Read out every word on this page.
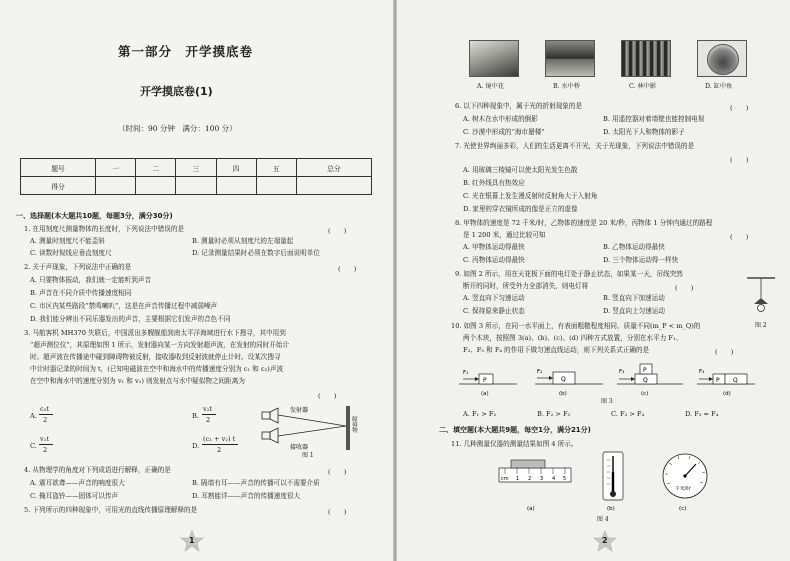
第一部分　开学摸底卷
开学摸底卷(1)
（时间：90 分钟　满分：100 分）
题号	一	二	三	四	五	总分
得分						
一、选择题(本大题共10题，每题3分，满分30分)
1. 在用刻度尺测量物体的长度时，下列说法中错误的是	(　　)
A. 测量时刻度尺不能歪斜	B. 测量时必须从刻度尺的左端量起
C. 读数时视线应垂直刻度尺	D. 记录测量结果时必须在数字后面说明单位
2. 关于声现象，下列说法中正确的是	(　　)
A. 只要物体振动，我们就一定能听到声音
B. 声音在不同介质中传播速度相同
C. 市区内某些路段“禁鸣喇叭”，这是在声音传播过程中减弱噪声
D. 我们能分辨出不同乐器发出的声音，主要根据它们发声的音色不同
3. 马航客机 MH370 失联后，中国派出多艘舰船到南太平洋海域进行水下搜寻，其中用到
“超声测位仪”，其原理如图 1 所示，发射器向某一方向发射超声波，在发射的同时开始计
时。超声波在传播途中碰到障碍物被反射，接收器收到反射波就停止计时。设某次搜寻
中计时器记录的时间为 t，(已知电磁波在空中和海水中的传播速度分别为 c₁ 和 c₂)声波
在空中和海水中的速度分别为 v₁ 和 v₂) 则发射点与水中疑似物之间距离为
(　　)
A.
c₂t
2	B.
v₂t
2
C.
v₁t
2	D.
(c₁ + v₂) t
2
发射器
接收器
障碍物
图 1
4. 从物理学的角度对下列成语进行解释，正确的是	(　　)
A. 震耳欲聋——声音的响度很大	B. 隔墙有耳——声音的传播可以不需要介质
C. 掩耳盗铃——固体可以传声	D. 耳熟能详——声音的传播速度很大
5. 下列所示的四种现象中，可用光的直线传播原理解释的是	(　　)
1
A. 镜中花	B. 水中桥	C. 林中影	D. 缸中鱼
6. 以下四种现象中，属于光的折射现象的是	(　　)
A. 树木在水中形成的倒影	B. 用遥控器对着墙壁也能控制电视
C. 沙漠中形成的“海市蜃楼”	D. 太阳光下人和物体的影子
7. 光使世界绚丽多彩，人们的生活更离不开光，关于光现象，下列说法中错误的是
(　　)
A. 用玻璃三棱镜可以使太阳光发生色散
B. 红外线具有热效应
C. 光在银幕上发生漫反射时反射角大于入射角
D. 家里的穿衣镜所成的像是正立的虚像
8. 甲物体的速度是 72 千米/时，乙物体的速度是 20 米/秒，丙物体 1 分钟内通过的路程
是 1 200 米，通过比较可知	(　　)
A. 甲物体运动得最快	B. 乙物体运动得最快
C. 丙物体运动得最快	D. 三个物体运动得一样快
9. 如图 2 所示，用在天花板下面的电灯处于静止状态，如果某一天，吊线突然
断开的同时，所受外力全部消失，则电灯将	(　　)
A. 竖直向下匀速运动	B. 竖直向下加速运动
C. 保持原来静止状态	D. 竖直向上匀速运动
图 2
10. 如图 3 所示，在同一水平面上，有表面粗糙程度相同、质量不同(m_P < m_Q)的
两个木块，按照图 3(a)、(b)、(c)、(d) 四种方式放置，分别在水平力 F₁、
F₂、F₃ 和 F₄ 的作用下做匀速直线运动，则下列关系式正确的是	(　　)
P
F₁
(a)
Q
F₂
(b)
Q
P
F₃
(c)
P Q
F₄
(d)
图 3
A. F₁ > F₂	B. F₂ > F₃	C. F₃ > F₄	D. F₃ = F₄
二、填空题(本大题共9题，每空1分，满分21分)
11. 几种测量仪器的测量结果如图 4 所示。
cm 1 2 3 4 5
(a)	(b)
千米/时
(c)
图 4
2
